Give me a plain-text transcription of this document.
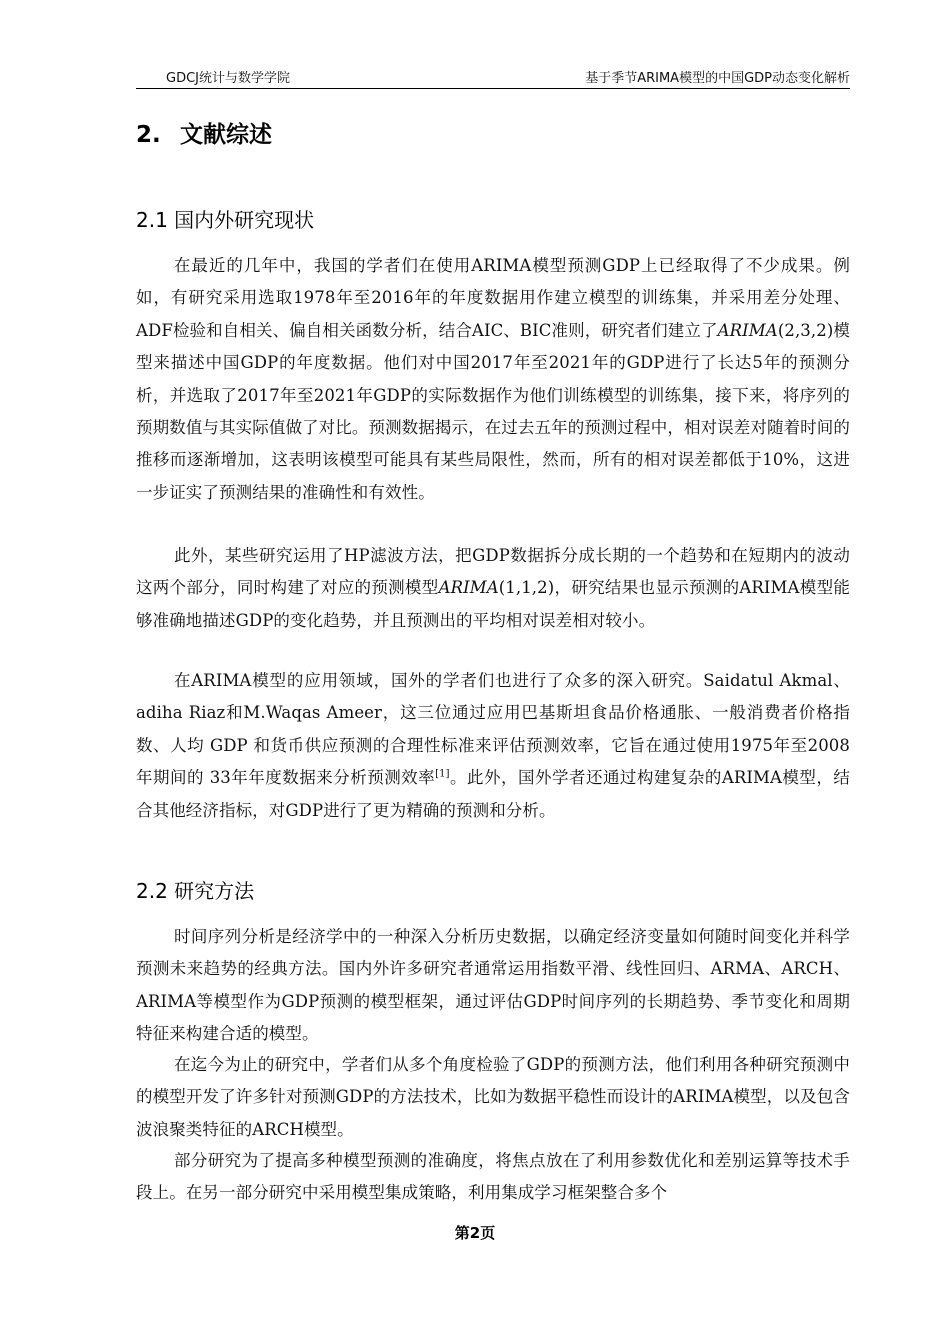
GDCJ统计与数学学院	基于季节ARIMA模型的中国GDP动态变化解析
2. 文献综述
2.1 国内外研究现状

在最近的几年中，我国的学者们在使用ARIMA模型预测GDP上已经取得了不少成果。例如，有研究采用选取1978年至2016年的年度数据用作建立模型的训练集，并采用差分处理、ADF检验和自相关、偏自相关函数分析，结合AIC、BIC准则，研究者们建立了ARIMA(2,3,2)模型来描述中国GDP的年度数据。他们对中国2017年至2021年的GDP进行了长达5年的预测分析，并选取了2017年至2021年GDP的实际数据作为他们训练模型的训练集，接下来，将序列的预期数值与其实际值做了对比。预测数据揭示，在过去五年的预测过程中，相对误差对随着时间的推移而逐渐增加，这表明该模型可能具有某些局限性，然而，所有的相对误差都低于10%，这进一步证实了预测结果的准确性和有效性。

此外，某些研究运用了HP滤波方法，把GDP数据拆分成长期的一个趋势和在短期内的波动这两个部分，同时构建了对应的预测模型ARIMA(1,1,2)，研究结果也显示预测的ARIMA模型能够准确地描述GDP的变化趋势，并且预测出的平均相对误差相对较小。

在ARIMA模型的应用领域，国外的学者们也进行了众多的深入研究。Saidatul Akmal、adiha Riaz和M.Waqas Ameer，这三位通过应用巴基斯坦食品价格通胀、一般消费者价格指数、人均 GDP 和货币供应预测的合理性标准来评估预测效率，它旨在通过使用1975年至2008年期间的 33年年度数据来分析预测效率[1]。此外，国外学者还通过构建复杂的ARIMA模型，结合其他经济指标，对GDP进行了更为精确的预测和分析。

2.2 研究方法

时间序列分析是经济学中的一种深入分析历史数据，以确定经济变量如何随时间变化并科学预测未来趋势的经典方法。国内外许多研究者通常运用指数平滑、线性回归、ARMA、ARCH、ARIMA等模型作为GDP预测的模型框架，通过评估GDP时间序列的长期趋势、季节变化和周期特征来构建合适的模型。

在迄今为止的研究中，学者们从多个角度检验了GDP的预测方法，他们利用各种研究预测中的模型开发了许多针对预测GDP的方法技术，比如为数据平稳性而设计的ARIMA模型，以及包含波浪聚类特征的ARCH模型。

部分研究为了提高多种模型预测的准确度，将焦点放在了利用参数优化和差别运算等技术手段上。在另一部分研究中采用模型集成策略，利用集成学习框架整合多个

第2页
